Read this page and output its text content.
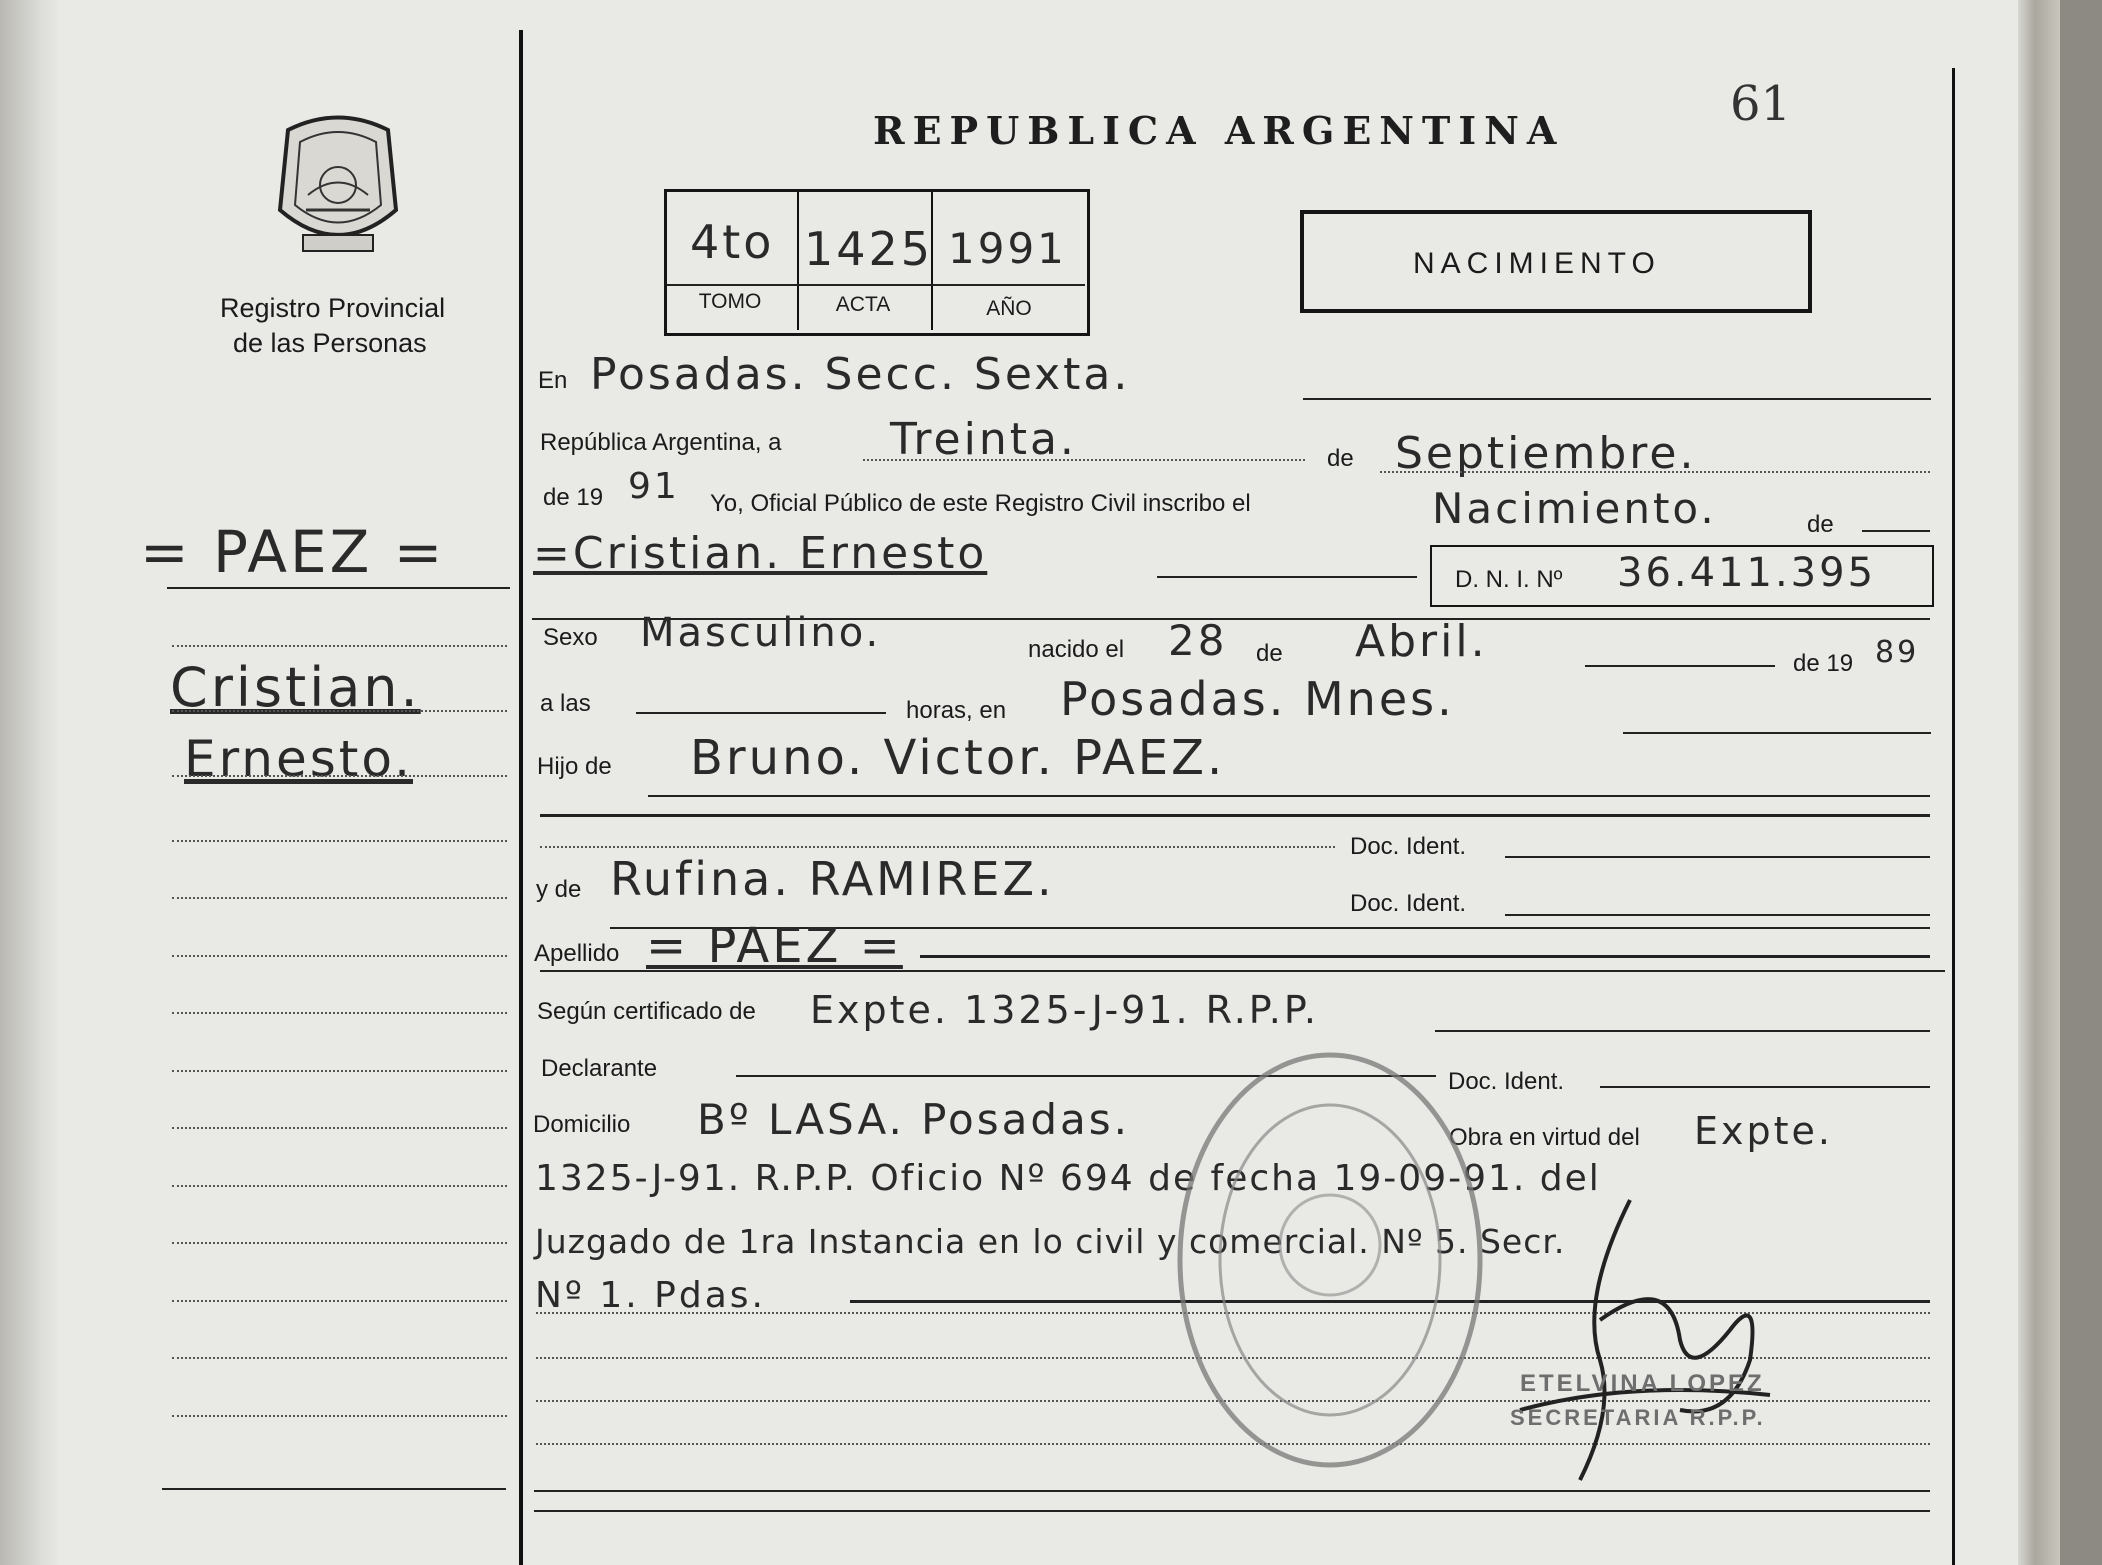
Registro Provincial
de las Personas
REPUBLICA ARGENTINA	61
4to 1425 1991
TOMO	ACTA	AÑO
NACIMIENTO
= PAEZ =
Cristian.
Ernesto.
En Posadas. Secc. Sexta.
República Argentina, a Treinta.	de Septiembre.
de 19 91 Yo, Oficial Público de este Registro Civil inscribo el	Nacimiento.	de
=Cristian. Ernesto
D. N. I. Nº 36.411.395
Sexo Masculino.	nacido el 28 de Abril.	de 19 89
a las	horas, en Posadas. Mnes.
Hijo de Bruno. Victor. PAEZ.
Doc. Ident.
y de Rufina. RAMIREZ.	Doc. Ident.
Apellido = PAEZ =
Según certificado de Expte. 1325-J-91. R.P.P.
Declarante	Doc. Ident.
Domicilio Bº LASA. Posadas.	Obra en virtud del Expte.
1325-J-91. R.P.P. Oficio Nº 694 de fecha 19-09-91. del
Juzgado de 1ra Instancia en lo civil y comercial. Nº 5. Secr.
Nº 1. Pdas.
ETELVINA LOPEZ
SECRETARIA R.P.P.
